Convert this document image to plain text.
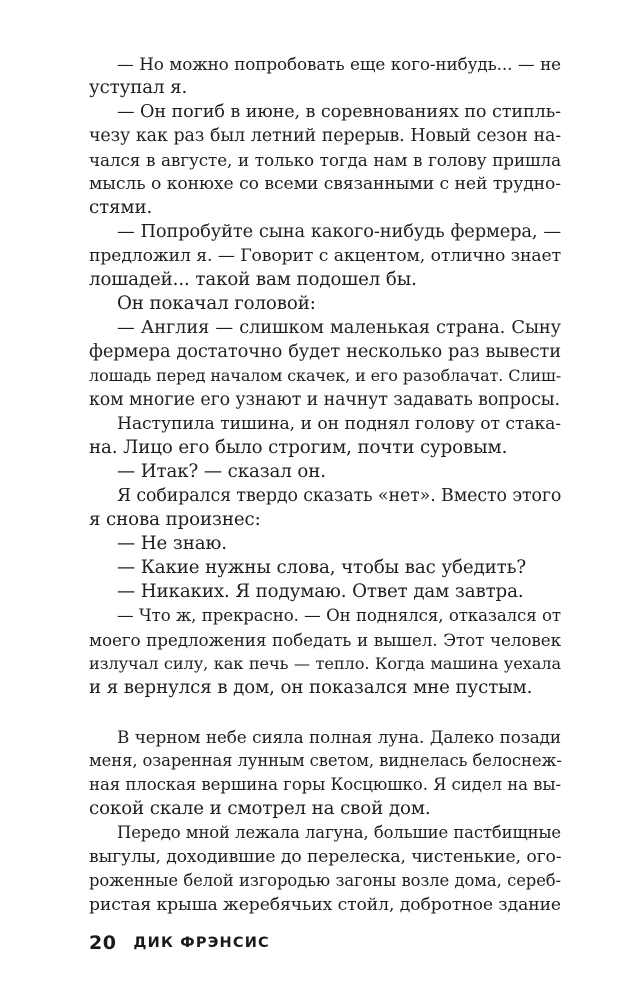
— Но можно попробовать еще кого-нибудь... — не
уступал я.
— Он погиб в июне, в соревнованиях по стипль-
чезу как раз был летний перерыв. Новый сезон на-
чался в августе, и только тогда нам в голову пришла
мысль о конюхе со всеми связанными с ней трудно-
стями.
— Попробуйте сына какого-нибудь фермера, —
предложил я. — Говорит с акцентом, отлично знает
лошадей... такой вам подошел бы.
Он покачал головой:
— Англия — слишком маленькая страна. Сыну
фермера достаточно будет несколько раз вывести
лошадь перед началом скачек, и его разоблачат. Слиш-
ком многие его узнают и начнут задавать вопросы.
Наступила тишина, и он поднял голову от стака-
на. Лицо его было строгим, почти суровым.
— Итак? — сказал он.
Я собирался твердо сказать «нет». Вместо этого
я снова произнес:
— Не знаю.
— Какие нужны слова, чтобы вас убедить?
— Никаких. Я подумаю. Ответ дам завтра.
— Что ж, прекрасно. — Он поднялся, отказался от
моего предложения победать и вышел. Этот человек
излучал силу, как печь — тепло. Когда машина уехала
и я вернулся в дом, он показался мне пустым.
В черном небе сияла полная луна. Далеко позади
меня, озаренная лунным светом, виднелась белоснеж-
ная плоская вершина горы Косцюшко. Я сидел на вы-
сокой скале и смотрел на свой дом.
Передо мной лежала лагуна, большие пастбищные
выгулы, доходившие до перелеска, чистенькие, ого-
роженные белой изгородью загоны возле дома, сереб-
ристая крыша жеребячьих стойл, добротное здание
20 ДИК ФРЭНСИС
